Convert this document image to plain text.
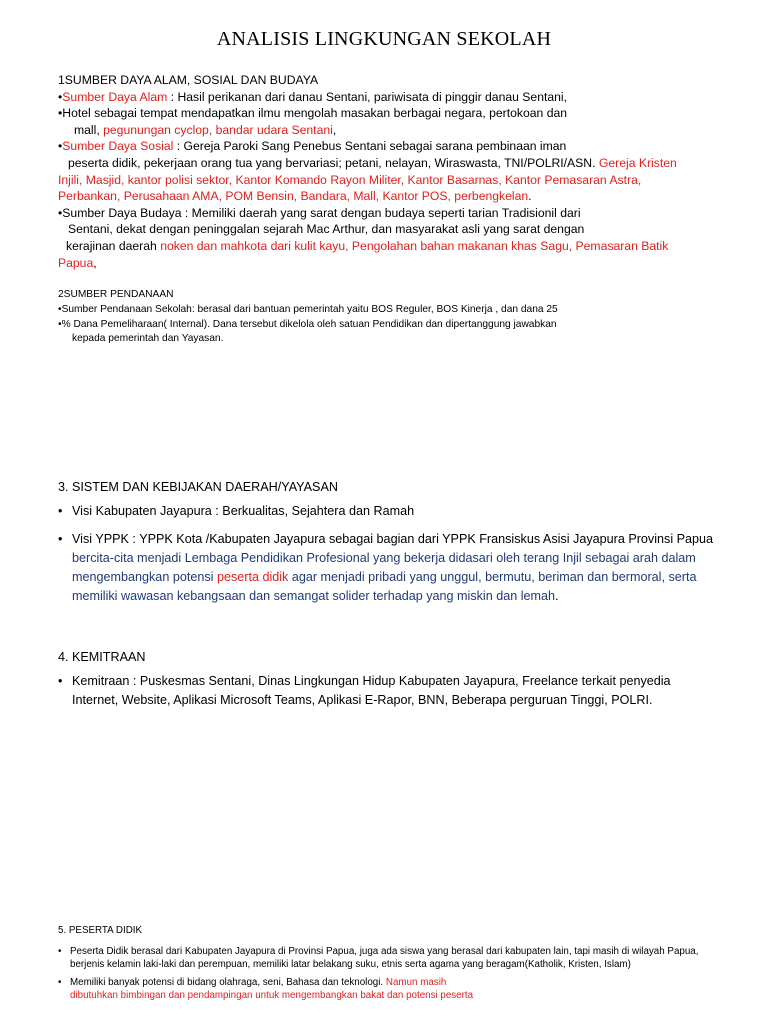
ANALISIS LINGKUNGAN SEKOLAH
1SUMBER DAYA ALAM, SOSIAL DAN BUDAYA
•Sumber Daya Alam : Hasil perikanan dari danau Sentani, pariwisata di pinggir danau Sentani,
•Hotel sebagai tempat mendapatkan ilmu mengolah masakan berbagai negara, pertokoan dan
mall, pegunungan cyclop, bandar udara Sentani,
•Sumber Daya Sosial : Gereja Paroki Sang Penebus Sentani sebagai sarana pembinaan iman
peserta didik, pekerjaan orang tua yang bervariasi; petani, nelayan, Wiraswasta, TNI/POLRI/ASN. Gereja Kristen
Injili, Masjid, kantor polisi sektor, Kantor Komando Rayon Militer, Kantor Basarnas, Kantor Pemasaran Astra,
Perbankan, Perusahaan AMA, POM Bensin, Bandara, Mall, Kantor POS, perbengkelan.
•Sumber Daya Budaya : Memiliki daerah yang sarat dengan budaya seperti tarian Tradisionil dari
Sentani, dekat dengan peninggalan sejarah Mac Arthur, dan masyarakat asli yang sarat dengan
kerajinan daerah noken dan mahkota dari kulit kayu, Pengolahan bahan makanan khas Sagu, Pemasaran Batik
Papua,
2SUMBER PENDANAAN
•Sumber Pendanaan Sekolah: berasal dari bantuan pemerintah yaitu BOS Reguler, BOS Kinerja , dan dana 25
•% Dana Pemeliharaan( Internal). Dana tersebut dikelola oleh satuan Pendidikan dan dipertanggung jawabkan
kepada pemerintah dan Yayasan.
3. SISTEM DAN KEBIJAKAN DAERAH/YAYASAN
• Visi Kabupaten Jayapura : Berkualitas, Sejahtera dan Ramah
• Visi YPPK : YPPK Kota /Kabupaten Jayapura sebagai bagian dari YPPK Fransiskus Asisi Jayapura Provinsi Papua bercita-cita menjadi Lembaga Pendidikan Profesional yang bekerja didasari oleh terang Injil sebagai arah dalam mengembangkan potensi peserta didik agar menjadi pribadi yang unggul, bermutu, beriman dan bermoral, serta memiliki wawasan kebangsaan dan semangat solider terhadap yang miskin dan lemah.
4. KEMITRAAN
• Kemitraan : Puskesmas Sentani, Dinas Lingkungan Hidup Kabupaten Jayapura, Freelance terkait penyedia Internet, Website, Aplikasi Microsoft Teams, Aplikasi E-Rapor, BNN, Beberapa perguruan Tinggi, POLRI.
5. PESERTA DIDIK
• Peserta Didik berasal dari Kabupaten Jayapura di Provinsi Papua, juga ada siswa yang berasal dari kabupaten lain, tapi masih di wilayah Papua, berjenis kelamin laki-laki dan perempuan, memiliki latar belakang suku, etnis serta agama yang beragam(Katholik, Kristen, Islam)
• Memiliki banyak potensi di bidang olahraga, seni, Bahasa dan teknologi. Namun masih
dibutuhkan bimbingan dan pendampingan untuk mengembangkan bakat dan potensi peserta
